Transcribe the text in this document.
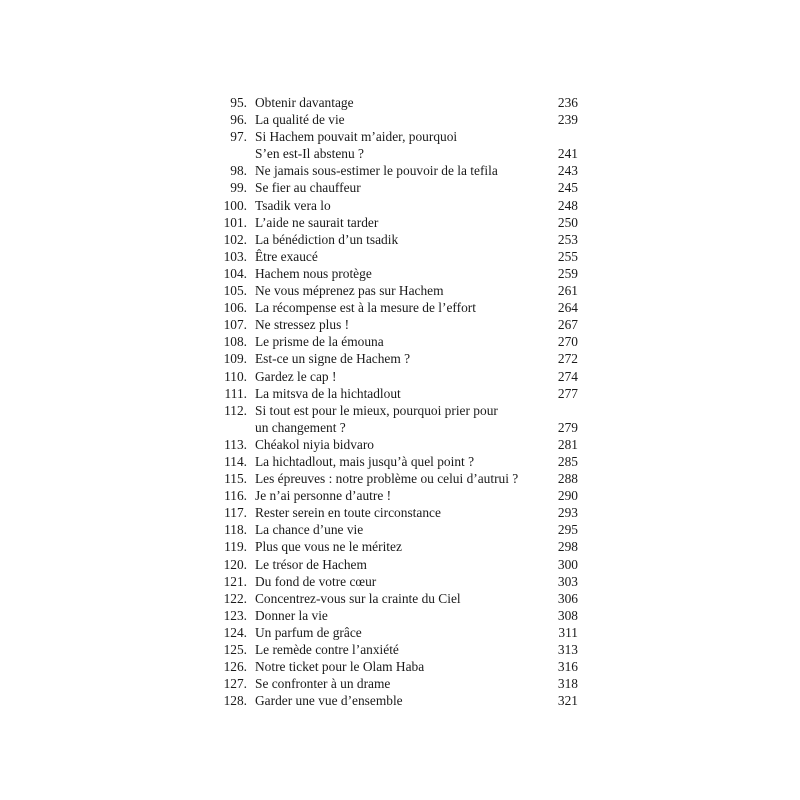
95. Obtenir davantage	236
96. La qualité de vie	239
97. Si Hachem pouvait m’aider, pourquoi
S’en est-Il abstenu ?	241
98. Ne jamais sous-estimer le pouvoir de la tefila	243
99. Se fier au chauffeur	245
100. Tsadik vera lo	248
101. L’aide ne saurait tarder	250
102. La bénédiction d’un tsadik	253
103. Être exaucé	255
104. Hachem nous protège	259
105. Ne vous méprenez pas sur Hachem	261
106. La récompense est à la mesure de l’effort	264
107. Ne stressez plus !	267
108. Le prisme de la émouna	270
109. Est-ce un signe de Hachem ?	272
110. Gardez le cap !	274
111. La mitsva de la hichtadlout	277
112. Si tout est pour le mieux, pourquoi prier pour
un changement ?	279
113. Chéakol niyia bidvaro	281
114. La hichtadlout, mais jusqu’à quel point ?	285
115. Les épreuves : notre problème ou celui d’autrui ?	288
116. Je n’ai personne d’autre !	290
117. Rester serein en toute circonstance	293
118. La chance d’une vie	295
119. Plus que vous ne le méritez	298
120. Le trésor de Hachem	300
121. Du fond de votre cœur	303
122. Concentrez-vous sur la crainte du Ciel	306
123. Donner la vie	308
124. Un parfum de grâce	311
125. Le remède contre l’anxiété	313
126. Notre ticket pour le Olam Haba	316
127. Se confronter à un drame	318
128. Garder une vue d’ensemble	321
